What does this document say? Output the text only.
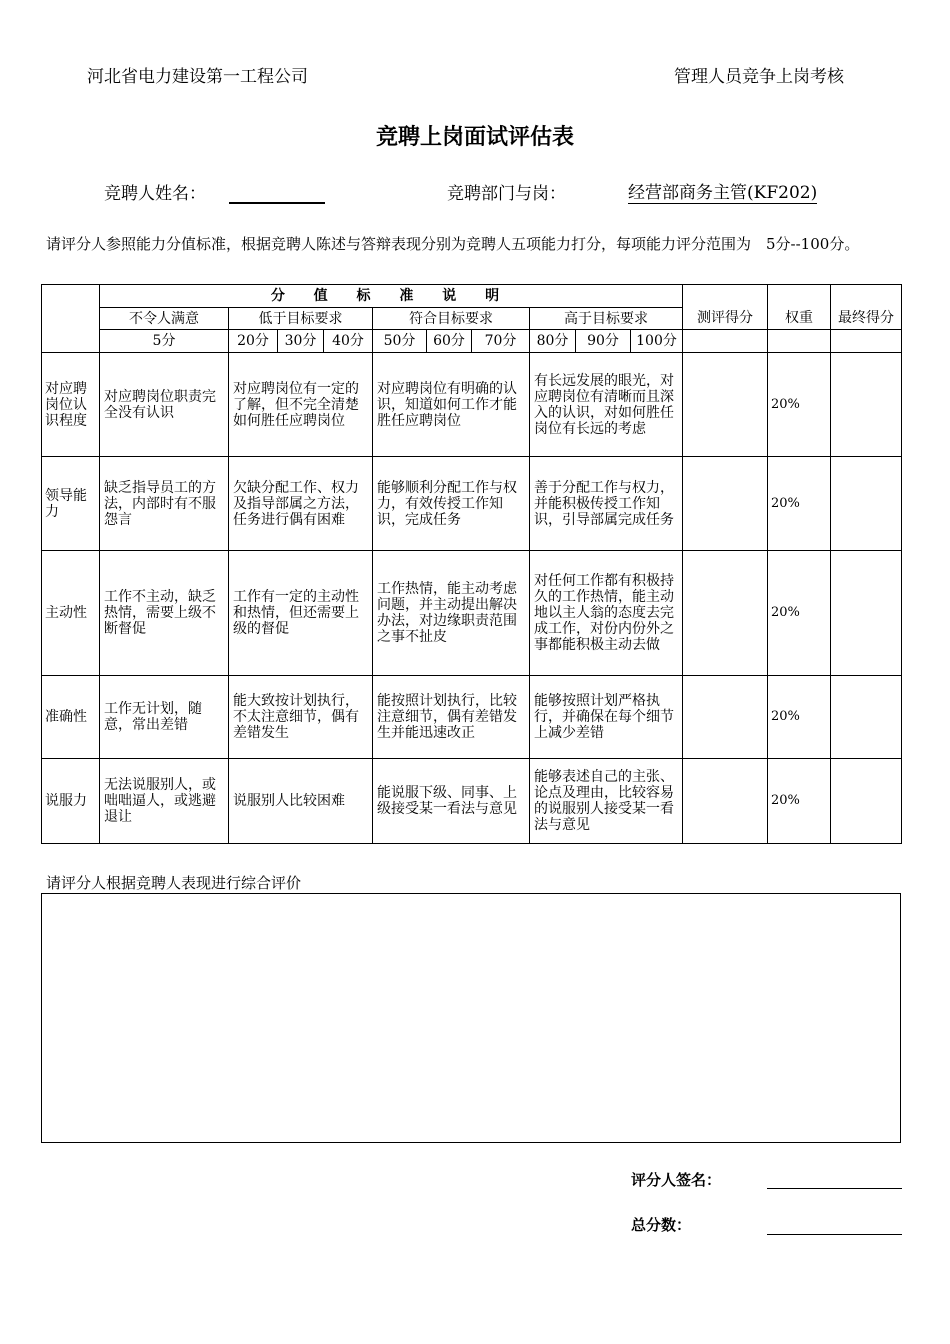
河北省电力建设第一工程公司	管理人员竞争上岗考核
竞聘上岗面试评估表
竞聘人姓名：	竞聘部门与岗：	经营部商务主管(KF202)
请评分人参照能力分值标准，根据竞聘人陈述与答辩表现分别为竞聘人五项能力打分，每项能力评分范围为　5分--100分。
	分 值 标 准 说 明												
	不令人满意	低于目标要求			符合目标要求			高于目标要求			测评得分	权重	最终得分
	5分	20分	30分	40分	50分	60分	70分	80分	90分	100分			
对应聘岗位认识程度	对应聘岗位职责完全没有认识	对应聘岗位有一定的了解，但不完全清楚如何胜任应聘岗位			对应聘岗位有明确的认识，知道如何工作才能胜任应聘岗位			有长远发展的眼光，对应聘岗位有清晰而且深入的认识，对如何胜任岗位有长远的考虑				20%	
领导能力	缺乏指导员工的方法，内部时有不服怨言	欠缺分配工作、权力及指导部属之方法，任务进行偶有困难			能够顺利分配工作与权力，有效传授工作知识，完成任务			善于分配工作与权力，并能积极传授工作知识，引导部属完成任务				20%	
主动性	工作不主动，缺乏热情，需要上级不断督促	工作有一定的主动性和热情，但还需要上级的督促			工作热情，能主动考虑问题，并主动提出解决办法，对边缘职责范围之事不扯皮			对任何工作都有积极持久的工作热情，能主动地以主人翁的态度去完成工作，对份内份外之事都能积极主动去做				20%	
准确性	工作无计划，随意，常出差错	能大致按计划执行，不太注意细节，偶有差错发生			能按照计划执行，比较注意细节，偶有差错发生并能迅速改正			能够按照计划严格执行，并确保在每个细节上减少差错				20%	
说服力	无法说服别人，或咄咄逼人，或逃避退让	说服别人比较困难			能说服下级、同事、上级接受某一看法与意见			能够表述自己的主张、论点及理由，比较容易的说服别人接受某一看法与意见				20%	
请评分人根据竞聘人表现进行综合评价
评分人签名：
总分数：
